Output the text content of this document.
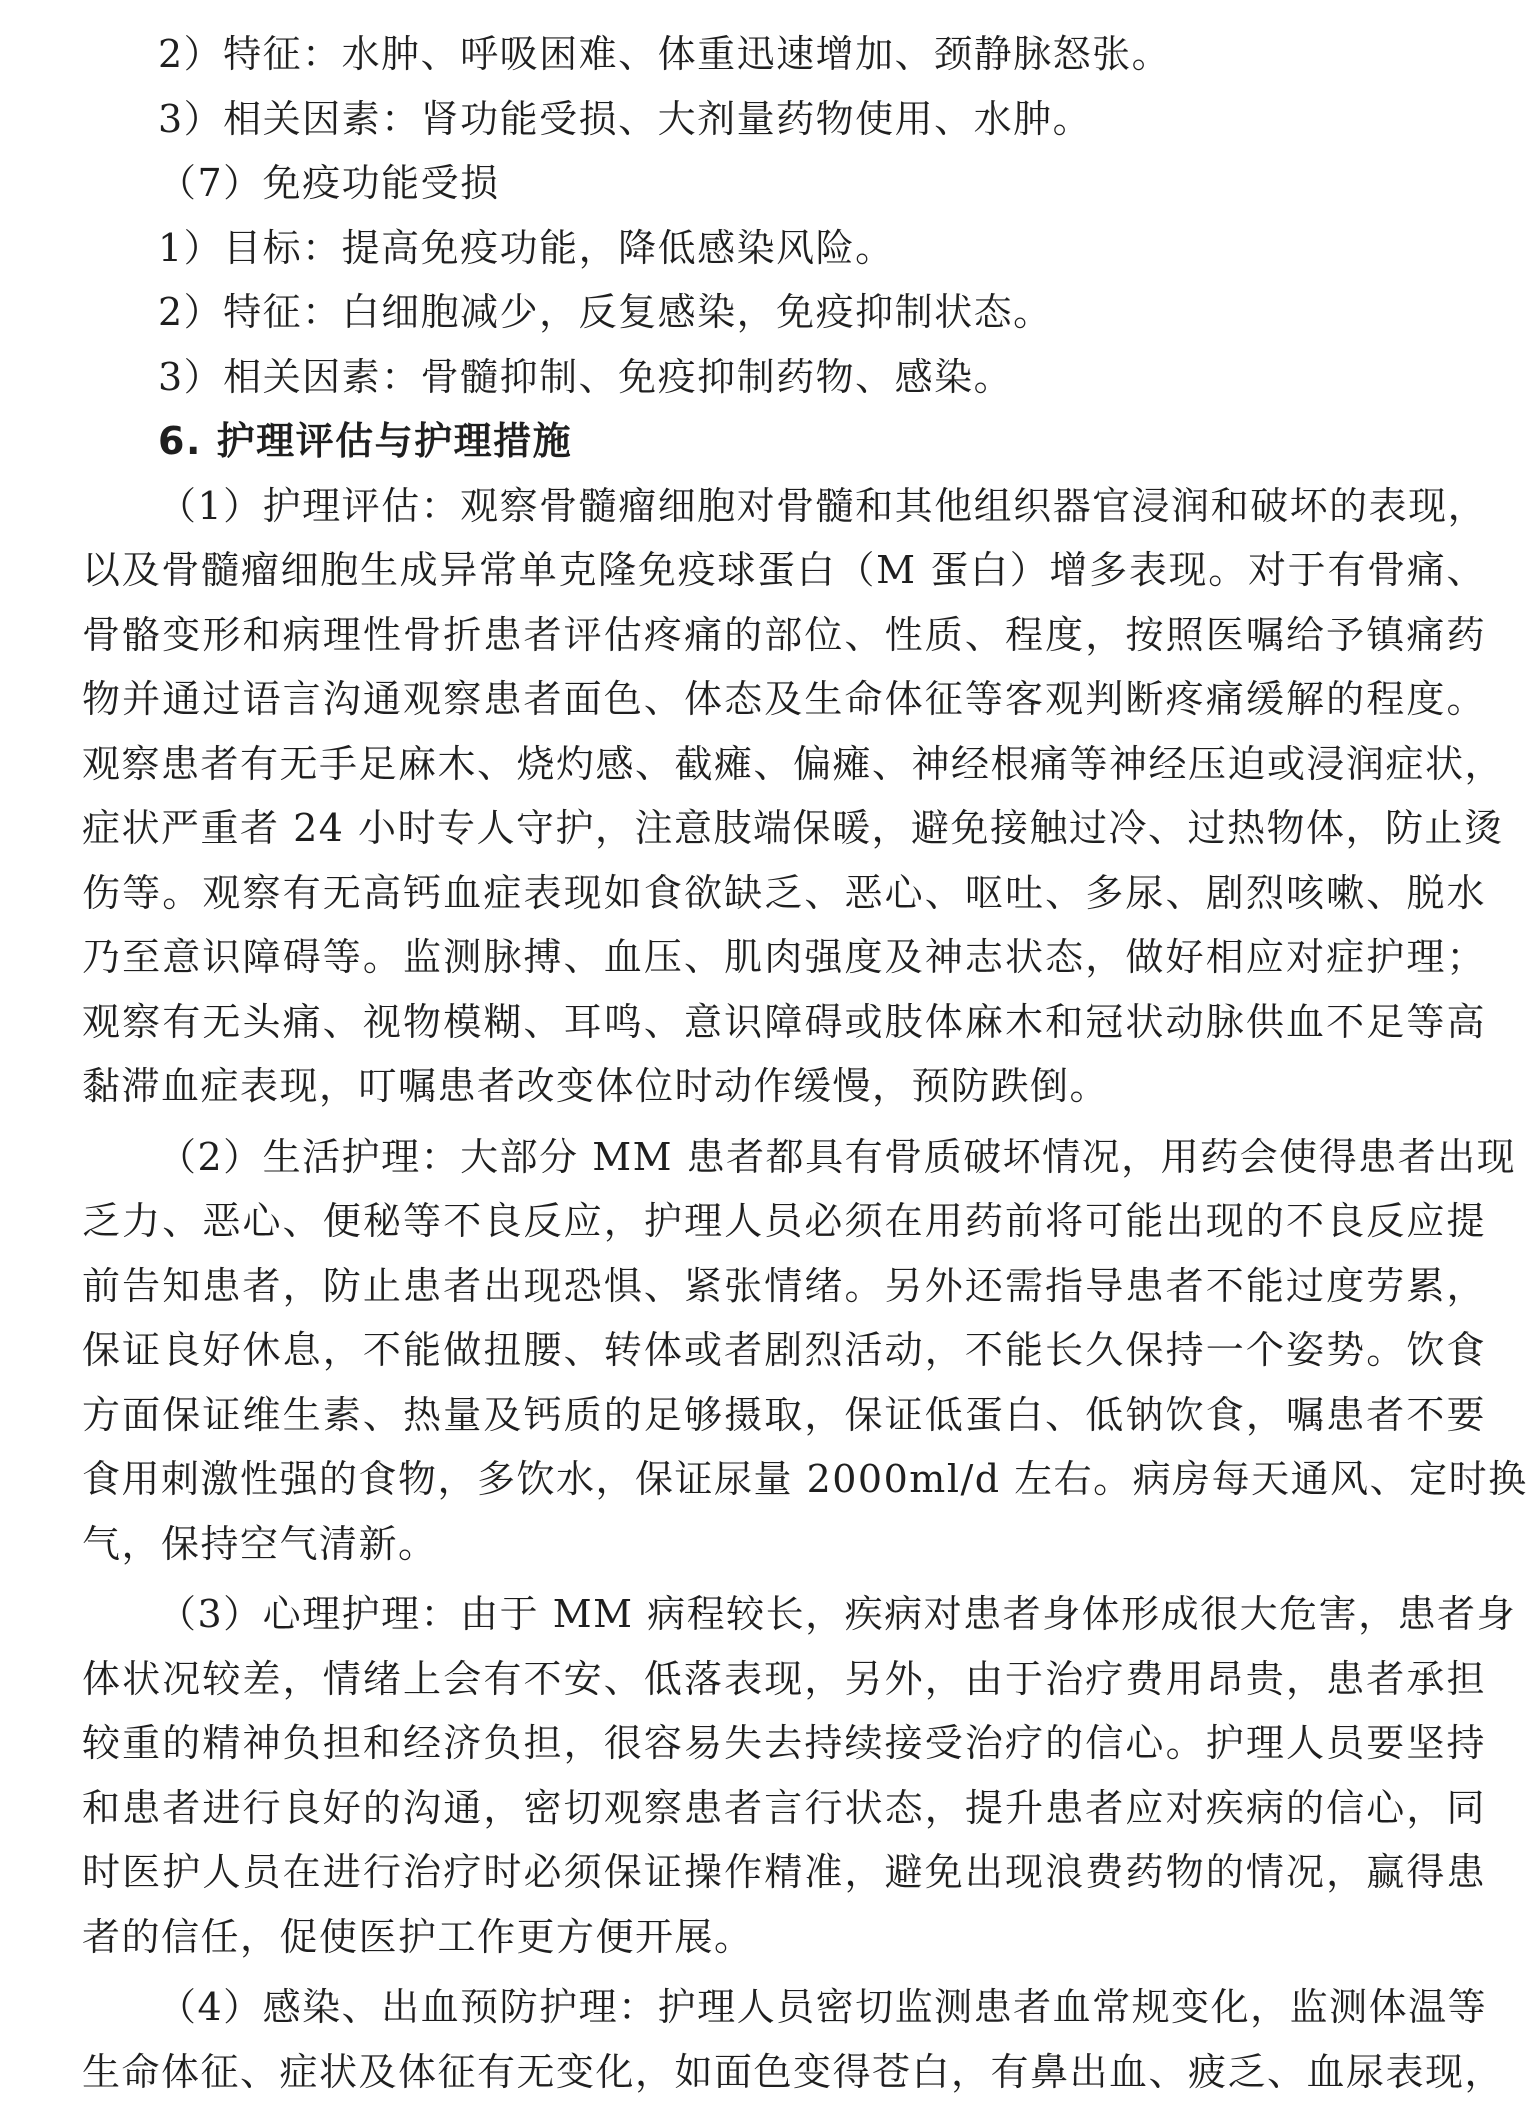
2）特征：水肿、呼吸困难、体重迅速增加、颈静脉怒张。
3）相关因素：肾功能受损、大剂量药物使用、水肿。
（7）免疫功能受损
1）目标：提高免疫功能，降低感染风险。
2）特征：白细胞减少，反复感染，免疫抑制状态。
3）相关因素：骨髓抑制、免疫抑制药物、感染。
6. 护理评估与护理措施
（1）护理评估：观察骨髓瘤细胞对骨髓和其他组织器官浸润和破坏的表现，
以及骨髓瘤细胞生成异常单克隆免疫球蛋白（M 蛋白）增多表现。对于有骨痛、
骨骼变形和病理性骨折患者评估疼痛的部位、性质、程度，按照医嘱给予镇痛药
物并通过语言沟通观察患者面色、体态及生命体征等客观判断疼痛缓解的程度。
观察患者有无手足麻木、烧灼感、截瘫、偏瘫、神经根痛等神经压迫或浸润症状，
症状严重者 24 小时专人守护，注意肢端保暖，避免接触过冷、过热物体，防止烫
伤等。观察有无高钙血症表现如食欲缺乏、恶心、呕吐、多尿、剧烈咳嗽、脱水
乃至意识障碍等。监测脉搏、血压、肌肉强度及神志状态，做好相应对症护理；
观察有无头痛、视物模糊、耳鸣、意识障碍或肢体麻木和冠状动脉供血不足等高
黏滞血症表现，叮嘱患者改变体位时动作缓慢，预防跌倒。
（2）生活护理：大部分 MM 患者都具有骨质破坏情况，用药会使得患者出现
乏力、恶心、便秘等不良反应，护理人员必须在用药前将可能出现的不良反应提
前告知患者，防止患者出现恐惧、紧张情绪。另外还需指导患者不能过度劳累，
保证良好休息，不能做扭腰、转体或者剧烈活动，不能长久保持一个姿势。饮食
方面保证维生素、热量及钙质的足够摄取，保证低蛋白、低钠饮食，嘱患者不要
食用刺激性强的食物，多饮水，保证尿量 2000ml/d 左右。病房每天通风、定时换
气，保持空气清新。
（3）心理护理：由于 MM 病程较长，疾病对患者身体形成很大危害，患者身
体状况较差，情绪上会有不安、低落表现，另外，由于治疗费用昂贵，患者承担
较重的精神负担和经济负担，很容易失去持续接受治疗的信心。护理人员要坚持
和患者进行良好的沟通，密切观察患者言行状态，提升患者应对疾病的信心，同
时医护人员在进行治疗时必须保证操作精准，避免出现浪费药物的情况，赢得患
者的信任，促使医护工作更方便开展。
（4）感染、出血预防护理：护理人员密切监测患者血常规变化，监测体温等
生命体征、症状及体征有无变化，如面色变得苍白，有鼻出血、疲乏、血尿表现，
